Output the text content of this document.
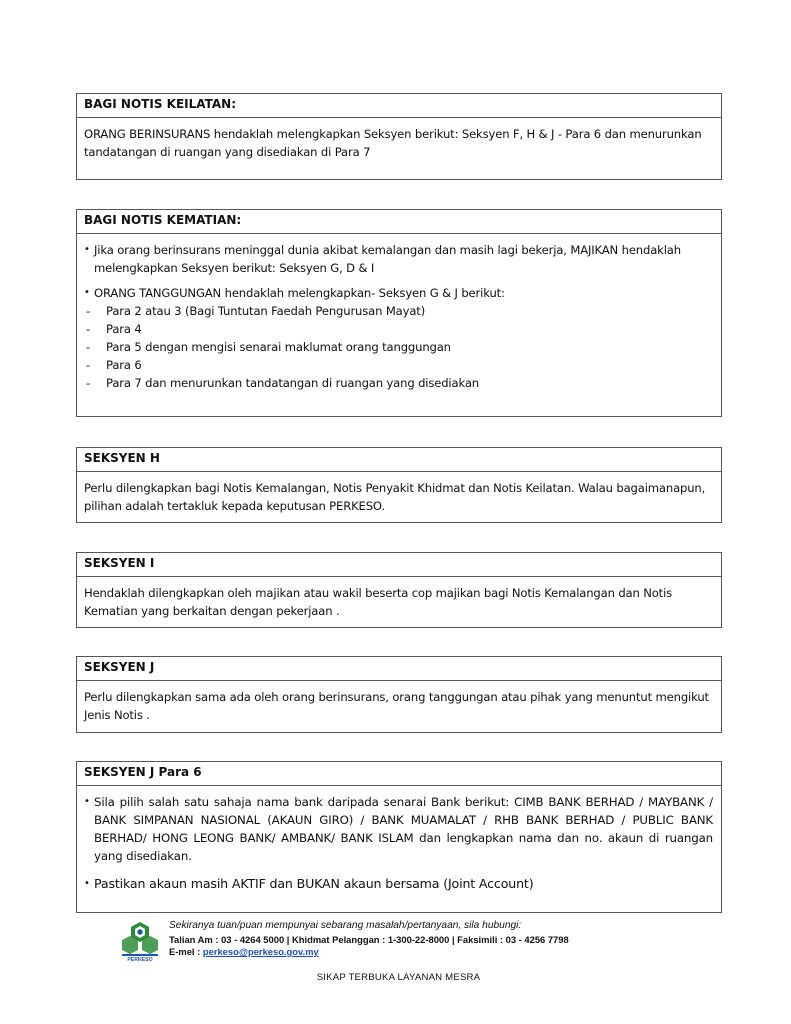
BAGI NOTIS KEILATAN:
ORANG BERINSURANS hendaklah melengkapkan Seksyen berikut: Seksyen F, H & J - Para 6 dan menurunkan tandatangan di ruangan yang disediakan di Para 7
BAGI NOTIS KEMATIAN:
• Jika orang berinsurans meninggal dunia akibat kemalangan dan masih lagi bekerja, MAJIKAN hendaklah melengkapkan Seksyen berikut: Seksyen G, D & I
• ORANG TANGGUNGAN hendaklah melengkapkan- Seksyen G & J berikut:
-	Para 2 atau 3 (Bagi Tuntutan Faedah Pengurusan Mayat)
-	Para 4
-	Para 5 dengan mengisi senarai maklumat orang tanggungan
-	Para 6
-	Para 7 dan menurunkan tandatangan di ruangan yang disediakan
SEKSYEN H
Perlu dilengkapkan bagi Notis Kemalangan, Notis Penyakit Khidmat dan Notis Keilatan. Walau bagaimanapun, pilihan adalah tertakluk kepada keputusan PERKESO.
SEKSYEN I
Hendaklah dilengkapkan oleh majikan atau wakil beserta cop majikan bagi Notis Kemalangan dan Notis Kematian yang berkaitan dengan pekerjaan .
SEKSYEN J
Perlu dilengkapkan sama ada oleh orang berinsurans, orang tanggungan atau pihak yang menuntut mengikut Jenis Notis .
SEKSYEN J Para 6
• Sila pilih salah satu sahaja nama bank daripada senarai Bank berikut: CIMB BANK BERHAD / MAYBANK / BANK SIMPANAN NASIONAL (AKAUN GIRO) / BANK MUAMALAT / RHB BANK BERHAD / PUBLIC BANK BERHAD/ HONG LEONG BANK/ AMBANK/ BANK ISLAM dan lengkapkan nama dan no. akaun di ruangan yang disediakan.
• Pastikan akaun masih AKTIF dan BUKAN akaun bersama (Joint Account)
PERKESO
Sekiranya tuan/puan mempunyai sebarang masalah/pertanyaan, sila hubungi:
Talian Am : 03 - 4264 5000 | Khidmat Pelanggan : 1-300-22-8000 | Faksimili : 03 - 4256 7798
E-mel : perkeso@perkeso.gov.my
SIKAP TERBUKA LAYANAN MESRA
